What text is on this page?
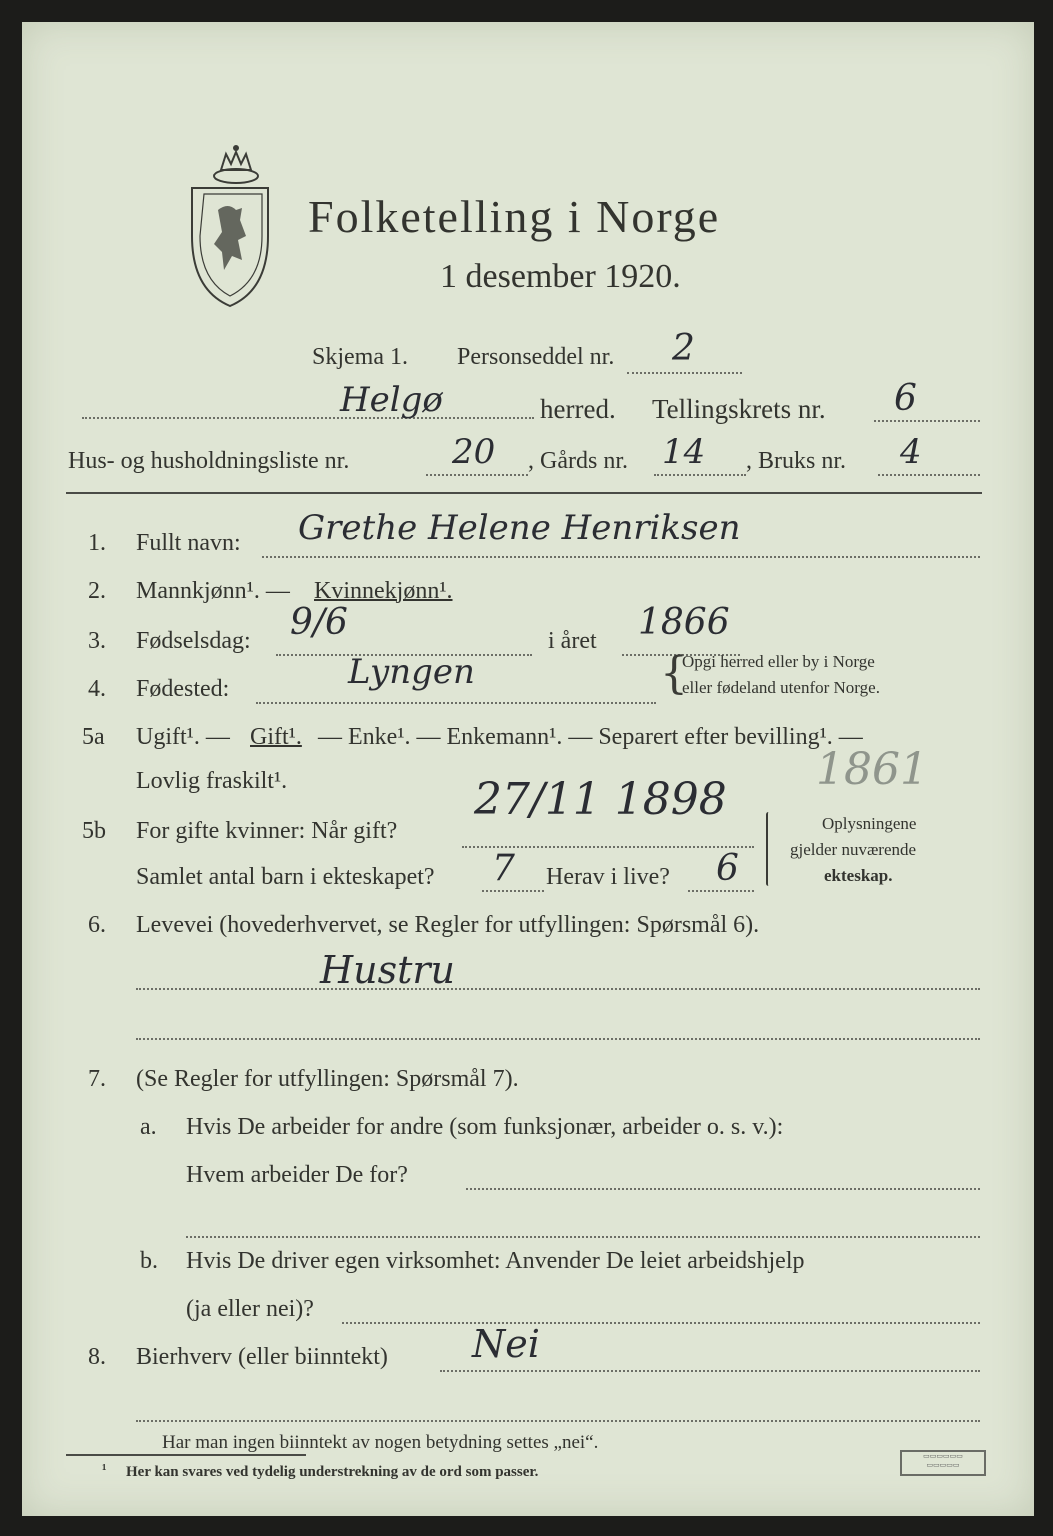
Folketelling i Norge
1 desember 1920.
Skjema 1. Personseddel nr. 2
Helgø	herred. Tellingskrets nr. 6
Hus- og husholdningsliste nr.	20 , Gårds nr. 14 , Bruks nr. 4
1. Fullt navn: Grethe Helene Henriksen
2. Mannkjønn¹. — Kvinnekjønn¹.
3. Fødselsdag: 9/6	i året 1866
4. Fødested:	Lyngen	{
Opgi herred eller by i Norge
eller fødeland utenfor Norge.
5a Ugift¹. — Gift¹. — Enke¹. — Enkemann¹. — Separert efter bevilling¹. —
Lovlig fraskilt¹.	1861
5b For gifte kvinner: Når gift?
27/11 1898
Samlet antal barn i ekteskapet? 7 Herav i live? 6
Oplysningene
gjelder nuværende
ekteskap.
6. Levevei (hovederhvervet, se Regler for utfyllingen: Spørsmål 6).
Hustru
7. (Se Regler for utfyllingen: Spørsmål 7).
a. Hvis De arbeider for andre (som funksjonær, arbeider o. s. v.):
Hvem arbeider De for?
b. Hvis De driver egen virksomhet: Anvender De leiet arbeidshjelp
(ja eller nei)?
8. Bierhverv (eller biinntekt) Nei
Har man ingen biinntekt av nogen betydning settes „nei“.
¹ Her kan svares ved tydelig understrekning av de ord som passer.
▭▭▭▭▭▭
▭▭▭▭▭
